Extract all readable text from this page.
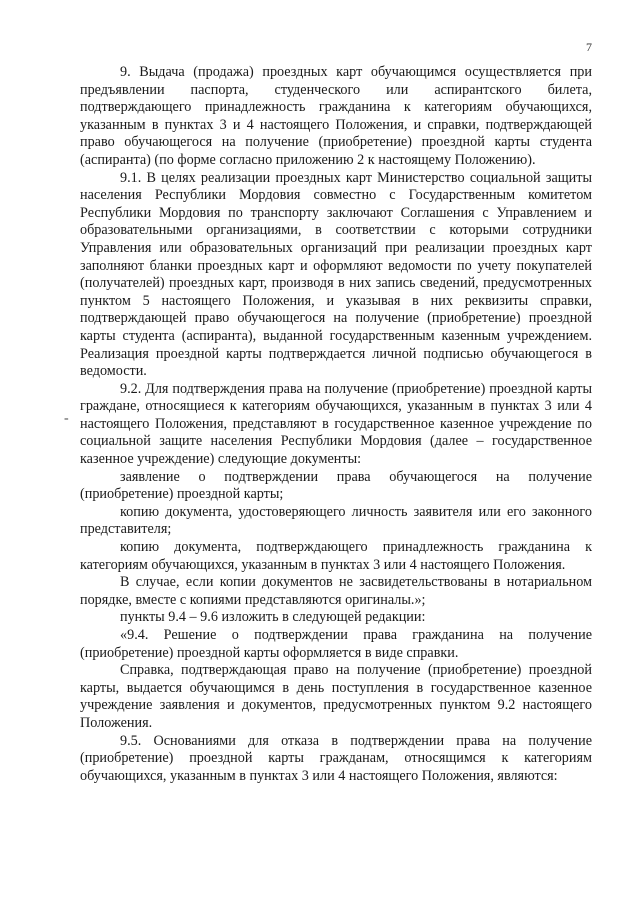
7
-

9. Выдача (продажа) проездных карт обучающимся осуществляется при предъявлении паспорта, студенческого или аспирантского билета, подтверждающего принадлежность гражданина к категориям обучающихся, указанным в пунктах 3 и 4 настоящего Положения, и справки, подтверждающей право обучающегося на получение (приобретение) проездной карты студента (аспиранта) (по форме согласно приложению 2 к настоящему Положению).

9.1. В целях реализации проездных карт Министерство социальной защиты населения Республики Мордовия совместно с Государственным комитетом Республики Мордовия по транспорту заключают Соглашения с Управлением и образовательными организациями, в соответствии с которыми сотрудники Управления или образовательных организаций при реализации проездных карт заполняют бланки проездных карт и оформляют ведомости по учету покупателей (получателей) проездных карт, производя в них запись сведений, предусмотренных пунктом 5 настоящего Положения, и указывая в них реквизиты справки, подтверждающей право обучающегося на получение (приобретение) проездной карты студента (аспиранта), выданной государственным казенным учреждением. Реализация проездной карты подтверждается личной подписью обучающегося в ведомости.

9.2. Для подтверждения права на получение (приобретение) проездной карты граждане, относящиеся к категориям обучающихся, указанным в пунктах 3 или 4 настоящего Положения, представляют в государственное казенное учреждение по социальной защите населения Республики Мордовия (далее – государственное казенное учреждение) следующие документы:

заявление о подтверждении права обучающегося на получение (приобретение) проездной карты;

копию документа, удостоверяющего личность заявителя или его законного представителя;

копию документа, подтверждающего принадлежность гражданина к категориям обучающихся, указанным в пунктах 3 или 4 настоящего Положения.

В случае, если копии документов не засвидетельствованы в нотариальном порядке, вместе с копиями представляются оригиналы.»;

пункты 9.4 – 9.6 изложить в следующей редакции:

«9.4. Решение о подтверждении права гражданина на получение (приобретение) проездной карты оформляется в виде справки.

Справка, подтверждающая право на получение (приобретение) проездной карты, выдается обучающимся в день поступления в государственное казенное учреждение заявления и документов, предусмотренных пунктом 9.2 настоящего Положения.

9.5. Основаниями для отказа в подтверждении права на получение (приобретение) проездной карты гражданам, относящимся к категориям обучающихся, указанным в пунктах 3 или 4 настоящего Положения, являются:
